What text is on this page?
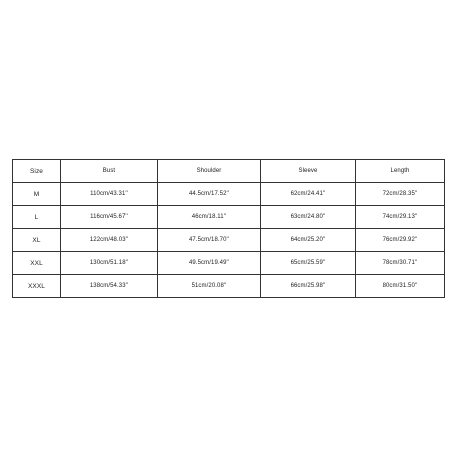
Size	Bust	Shoulder	Sleeve	Length
M	110cm/43.31''	44.5cm/17.52''	62cm/24.41''	72cm/28.35''
L	116cm/45.67''	46cm/18.11''	63cm/24.80''	74cm/29.13''
XL	122cm/48.03''	47.5cm/18.70''	64cm/25.20''	76cm/29.92''
XXL	130cm/51.18''	49.5cm/19.49''	65cm/25.59''	78cm/30.71''
XXXL	138cm/54.33''	51cm/20.08''	66cm/25.98''	80cm/31.50''
